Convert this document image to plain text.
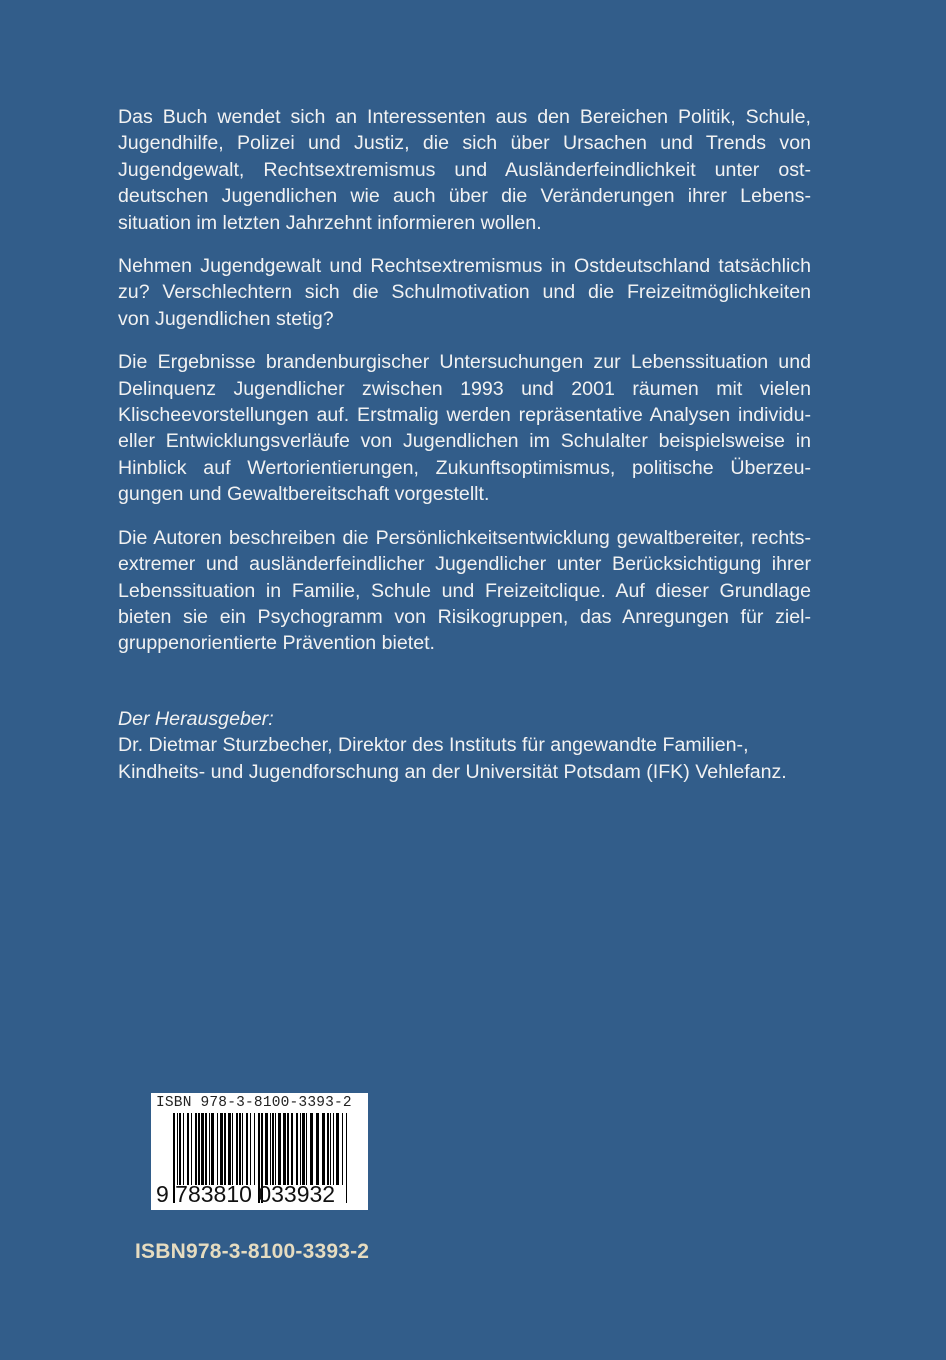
Das Buch wendet sich an Interessenten aus den Bereichen Politik, Schule,
Jugendhilfe, Polizei und Justiz, die sich über Ursachen und Trends von
Jugendgewalt, Rechtsextremismus und Ausländerfeindlichkeit unter ost-
deutschen Jugendlichen wie auch über die Veränderungen ihrer Lebens-
situation im letzten Jahrzehnt informieren wollen.
Nehmen Jugendgewalt und Rechtsextremismus in Ostdeutschland tatsächlich
zu? Verschlechtern sich die Schulmotivation und die Freizeitmöglichkeiten
von Jugendlichen stetig?
Die Ergebnisse brandenburgischer Untersuchungen zur Lebenssituation und
Delinquenz Jugendlicher zwischen 1993 und 2001 räumen mit vielen
Klischeevorstellungen auf. Erstmalig werden repräsentative Analysen individu-
eller Entwicklungsverläufe von Jugendlichen im Schulalter beispielsweise in
Hinblick auf Wertorientierungen, Zukunftsoptimismus, politische Überzeu-
gungen und Gewaltbereitschaft vorgestellt.
Die Autoren beschreiben die Persönlichkeitsentwicklung gewaltbereiter, rechts-
extremer und ausländerfeindlicher Jugendlicher unter Berücksichtigung ihrer
Lebenssituation in Familie, Schule und Freizeitclique. Auf dieser Grundlage
bieten sie ein Psychogramm von Risikogruppen, das Anregungen für ziel-
gruppenorientierte Prävention bietet.
Der Herausgeber:
Dr. Dietmar Sturzbecher, Direktor des Instituts für angewandte Familien-,
Kindheits- und Jugendforschung an der Universität Potsdam (IFK) Vehlefanz.
ISBN 978-3-8100-3393-2
9 783810 033932
ISBN978-3-8100-3393-2
